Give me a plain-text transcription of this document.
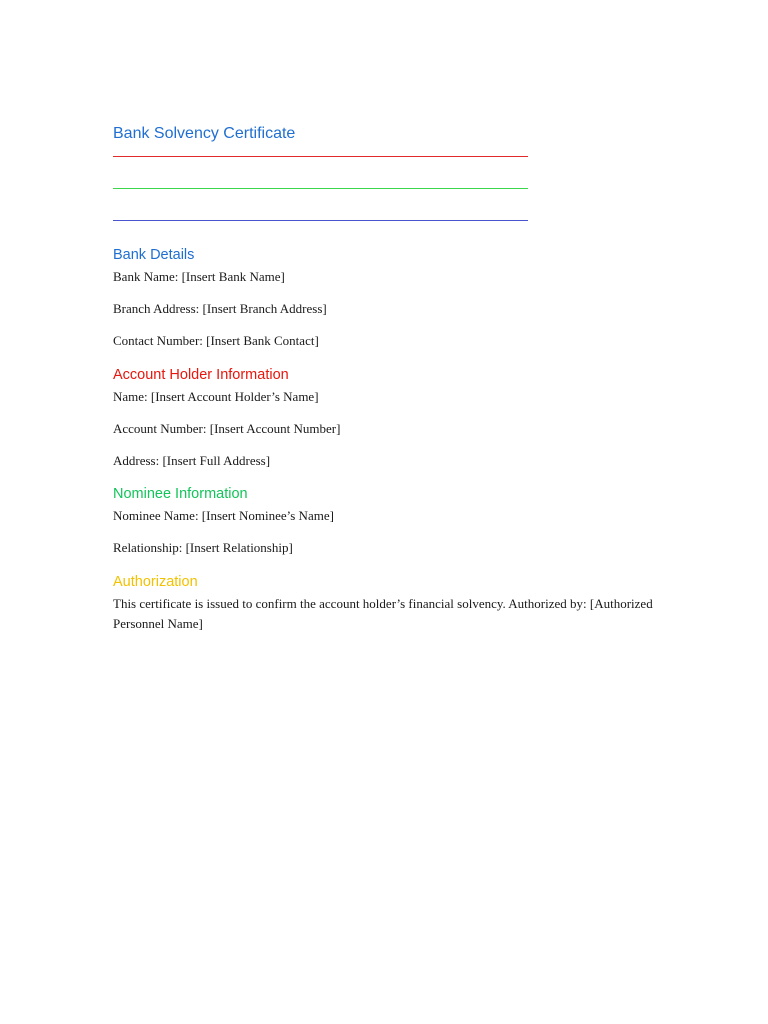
Bank Solvency Certificate
Bank Details
Bank Name: [Insert Bank Name]
Branch Address: [Insert Branch Address]
Contact Number: [Insert Bank Contact]
Account Holder Information
Name: [Insert Account Holder’s Name]
Account Number: [Insert Account Number]
Address: [Insert Full Address]
Nominee Information
Nominee Name: [Insert Nominee’s Name]
Relationship: [Insert Relationship]
Authorization
This certificate is issued to confirm the account holder’s financial solvency. Authorized by: [Authorized Personnel Name]
